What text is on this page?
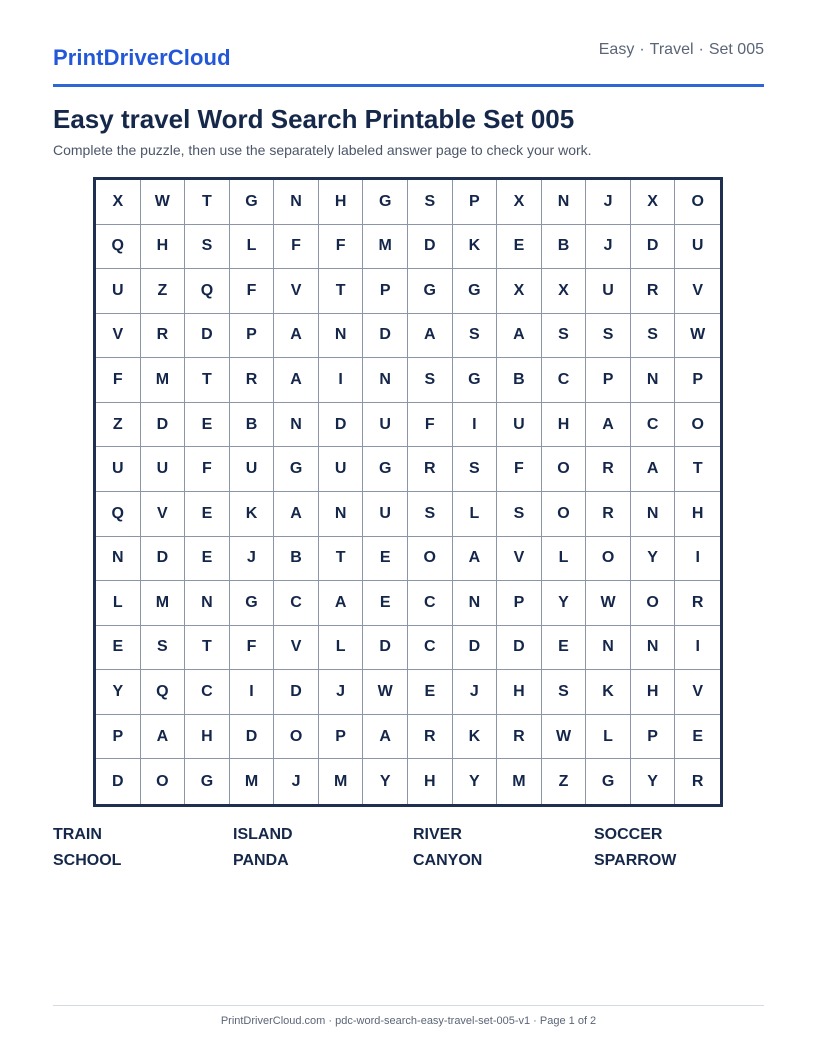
PrintDriverCloud	Easy · Travel · Set 005
Easy travel Word Search Printable Set 005

Complete the puzzle, then use the separately labeled answer page to check your work.

X	W	T	G	N	H	G	S	P	X	N	J	X	O
Q	H	S	L	F	F	M	D	K	E	B	J	D	U
U	Z	Q	F	V	T	P	G	G	X	X	U	R	V
V	R	D	P	A	N	D	A	S	A	S	S	S	W
F	M	T	R	A	I	N	S	G	B	C	P	N	P
Z	D	E	B	N	D	U	F	I	U	H	A	C	O
U	U	F	U	G	U	G	R	S	F	O	R	A	T
Q	V	E	K	A	N	U	S	L	S	O	R	N	H
N	D	E	J	B	T	E	O	A	V	L	O	Y	I
L	M	N	G	C	A	E	C	N	P	Y	W	O	R
E	S	T	F	V	L	D	C	D	D	E	N	N	I
Y	Q	C	I	D	J	W	E	J	H	S	K	H	V
P	A	H	D	O	P	A	R	K	R	W	L	P	E
D	O	G	M	J	M	Y	H	Y	M	Z	G	Y	R
TRAIN	ISLAND	RIVER	SOCCER
SCHOOL	PANDA	CANYON	SPARROW
PrintDriverCloud.com · pdc-word-search-easy-travel-set-005-v1 · Page 1 of 2
